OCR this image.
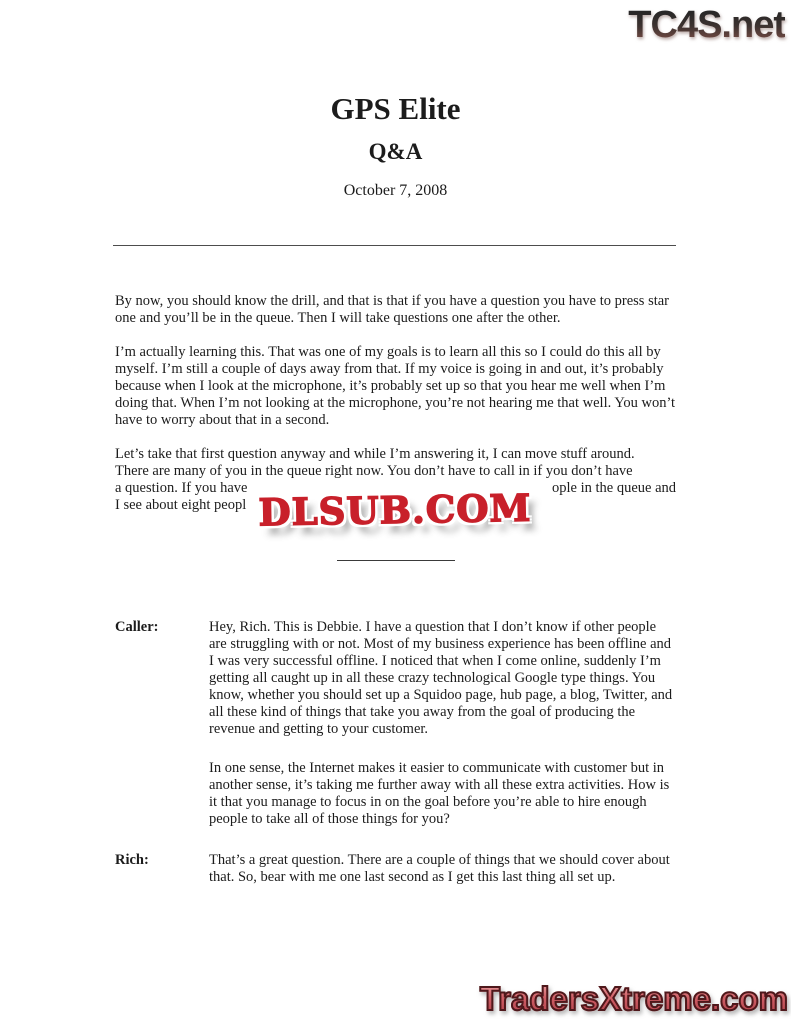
TC4S.net
GPS Elite
Q&A
October 7, 2008

By now, you should know the drill, and that is that if you have a question you have to press star one and you’ll be in the queue. Then I will take questions one after the other.

I’m actually learning this. That was one of my goals is to learn all this so I could do this all by myself. I’m still a couple of days away from that. If my voice is going in and out, it’s probably because when I look at the microphone, it’s probably set up so that you hear me well when I’m doing that. When I’m not looking at the microphone, you’re not hearing me that well. You won’t have to worry about that in a second.

Let’s take that first question anyway and while I’m answering it, I can move stuff around.
There are many of you in the queue right now. You don’t have to call in if you don’t have
a question. If you have	ople in the queue and
I see about eight peopl
Caller:	Hey, Rich. This is Debbie. I have a question that I don’t know if other people are struggling with or not. Most of my business experience has been offline and I was very successful offline. I noticed that when I come online, suddenly I’m getting all caught up in all these crazy technological Google type things. You know, whether you should set up a Squidoo page, hub page, a blog, Twitter, and all these kind of things that take you away from the goal of producing the revenue and getting to your customer.

In one sense, the Internet makes it easier to communicate with customer but in another sense, it’s taking me further away with all these extra activities. How is it that you manage to focus in on the goal before you’re able to hire enough people to take all of those things for you?

Rich:	That’s a great question. There are a couple of things that we should cover about that. So, bear with me one last second as I get this last thing all set up.

DLSUB.COM
TradersXtreme.com
